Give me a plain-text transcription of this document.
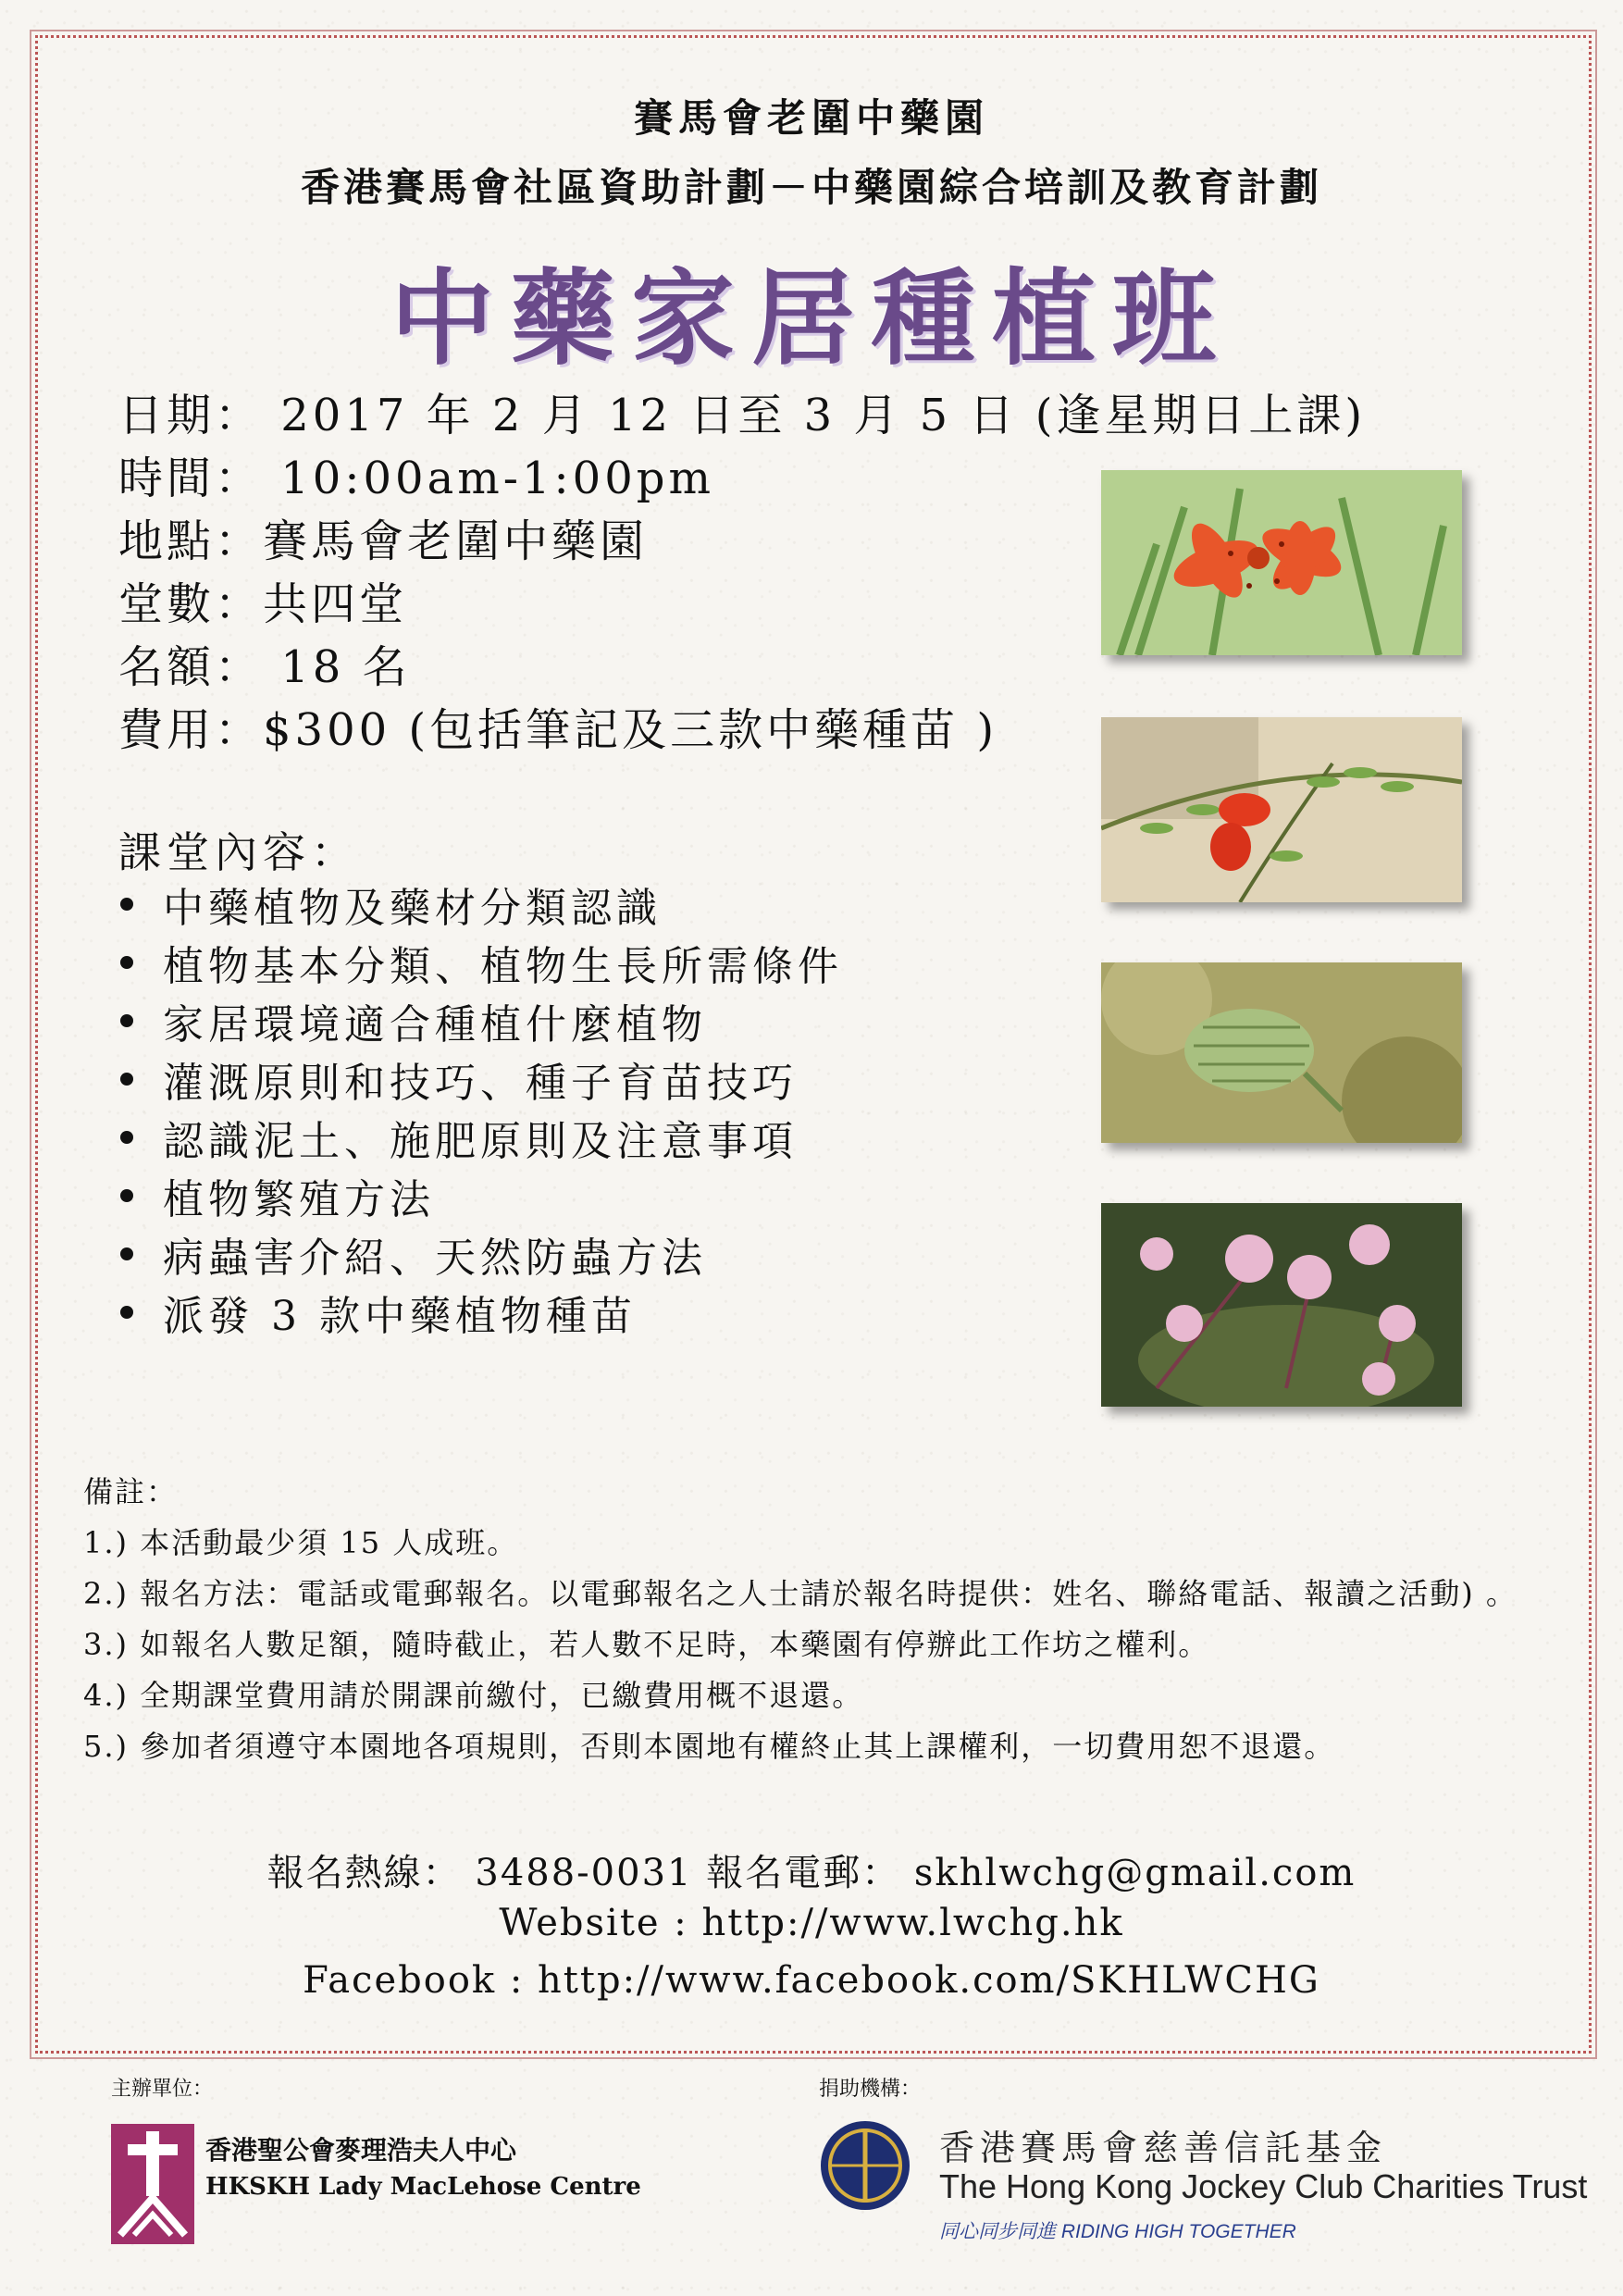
賽馬會老圍中藥園
香港賽馬會社區資助計劃－中藥園綜合培訓及教育計劃
中藥家居種植班
日期： 2017 年 2 月 12 日至 3 月 5 日 (逢星期日上課)
時間： 10:00am-1:00pm
地點：賽馬會老圍中藥園
堂數：共四堂
名額： 18 名
費用：$300 (包括筆記及三款中藥種苗 )
課堂內容：
中藥植物及藥材分類認識
植物基本分類、植物生長所需條件
家居環境適合種植什麼植物
灌溉原則和技巧、種子育苗技巧
認識泥土、施肥原則及注意事項
植物繁殖方法
病蟲害介紹、天然防蟲方法
派發 3 款中藥植物種苗
備註：
1.) 本活動最少須 15 人成班。
2.) 報名方法：電話或電郵報名。以電郵報名之人士請於報名時提供：姓名、聯絡電話、報讀之活動) 。
3.) 如報名人數足額，隨時截止，若人數不足時，本藥園有停辦此工作坊之權利。
4.) 全期課堂費用請於開課前繳付，已繳費用概不退還。
5.) 參加者須遵守本園地各項規則，否則本園地有權終止其上課權利，一切費用恕不退還。
報名熱線： 3488-0031 報名電郵： skhlwchg@gmail.com
Website : http://www.lwchg.hk
Facebook : http://www.facebook.com/SKHLWCHG
主辦單位：
香港聖公會麥理浩夫人中心
HKSKH Lady MacLehose Centre
捐助機構：
香港賽馬會慈善信託基金
The Hong Kong Jockey Club Charities Trust
同心同步同進 RIDING HIGH TOGETHER
